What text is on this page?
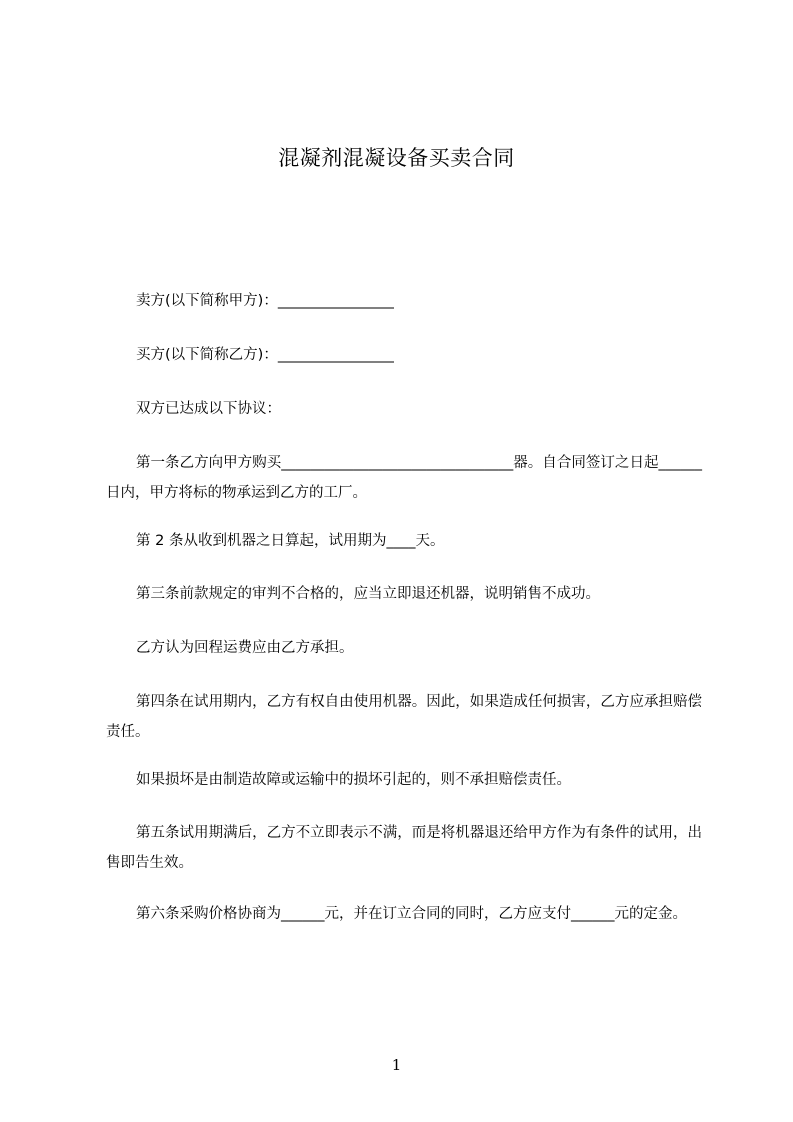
混凝剂混凝设备买卖合同

卖方(以下简称甲方)：________________

买方(以下简称乙方)：________________

双方已达成以下协议：

第一条乙方向甲方购买________________________________器。自合同签订之日起______日内，甲方将标的物承运到乙方的工厂。

第 2 条从收到机器之日算起，试用期为____天。

第三条前款规定的审判不合格的，应当立即退还机器，说明销售不成功。

乙方认为回程运费应由乙方承担。

第四条在试用期内，乙方有权自由使用机器。因此，如果造成任何损害，乙方应承担赔偿责任。

如果损坏是由制造故障或运输中的损坏引起的，则不承担赔偿责任。

第五条试用期满后，乙方不立即表示不满，而是将机器退还给甲方作为有条件的试用，出售即告生效。

第六条采购价格协商为______元，并在订立合同的同时，乙方应支付______元的定金。

1
